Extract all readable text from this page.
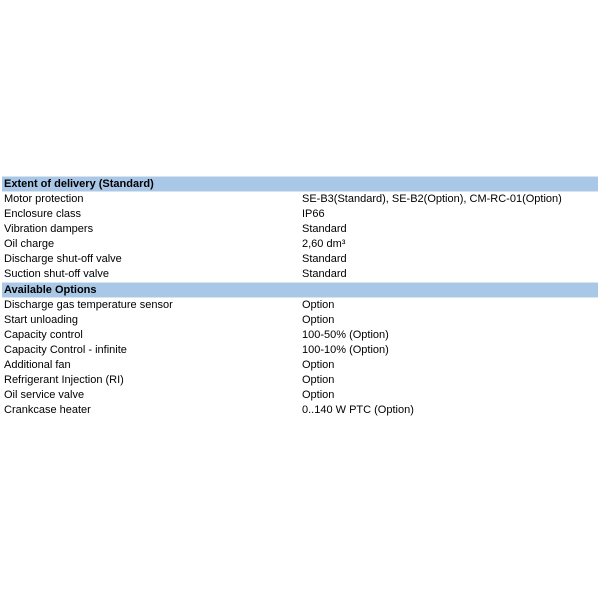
Extent of delivery (Standard)
Motor protection	SE-B3(Standard), SE-B2(Option), CM-RC-01(Option)
Enclosure class	IP66
Vibration dampers	Standard
Oil charge	2,60 dm³
Discharge shut-off valve	Standard
Suction shut-off valve	Standard
Available Options
Discharge gas temperature sensor	Option
Start unloading	Option
Capacity control	100-50% (Option)
Capacity Control - infinite	100-10% (Option)
Additional fan	Option
Refrigerant Injection (RI)	Option
Oil service valve	Option
Crankcase heater	0..140 W PTC (Option)
